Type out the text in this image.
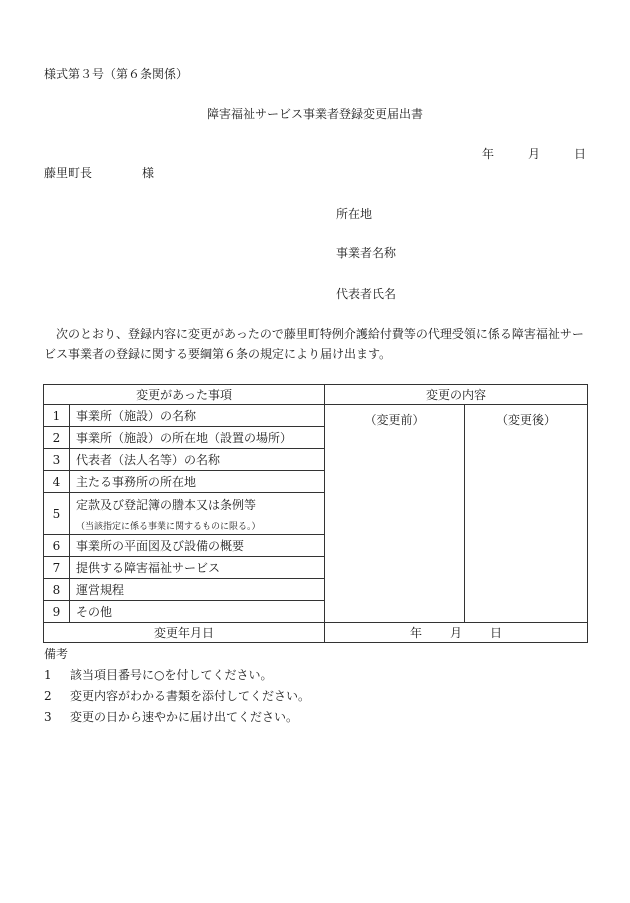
様式第３号（第６条関係）
障害福祉サービス事業者登録変更届出書
年	月	日
藤里町長	様
所在地
事業者名称
代表者氏名
次のとおり、登録内容に変更があったので藤里町特例介護給付費等の代理受領に係る障害福祉サービス事業者の登録に関する要綱第６条の規定により届け出ます。
変更があった事項		変更の内容	
1	事業所（施設）の名称	（変更前）	（変更後）
2	事業所（施設）の所在地（設置の場所）		
3	代表者（法人名等）の名称		
4	主たる事務所の所在地		
5	定款及び登記簿の謄本又は条例等
（当該指定に係る事業に関するものに限る。）		

6	事業所の平面図及び設備の概要		
7	提供する障害福祉サービス		
8	運営規程		
9	その他		
変更年月日		年 月 日	
備考
1 該当項目番号に○を付してください。
2 変更内容がわかる書類を添付してください。
3 変更の日から速やかに届け出てください。
